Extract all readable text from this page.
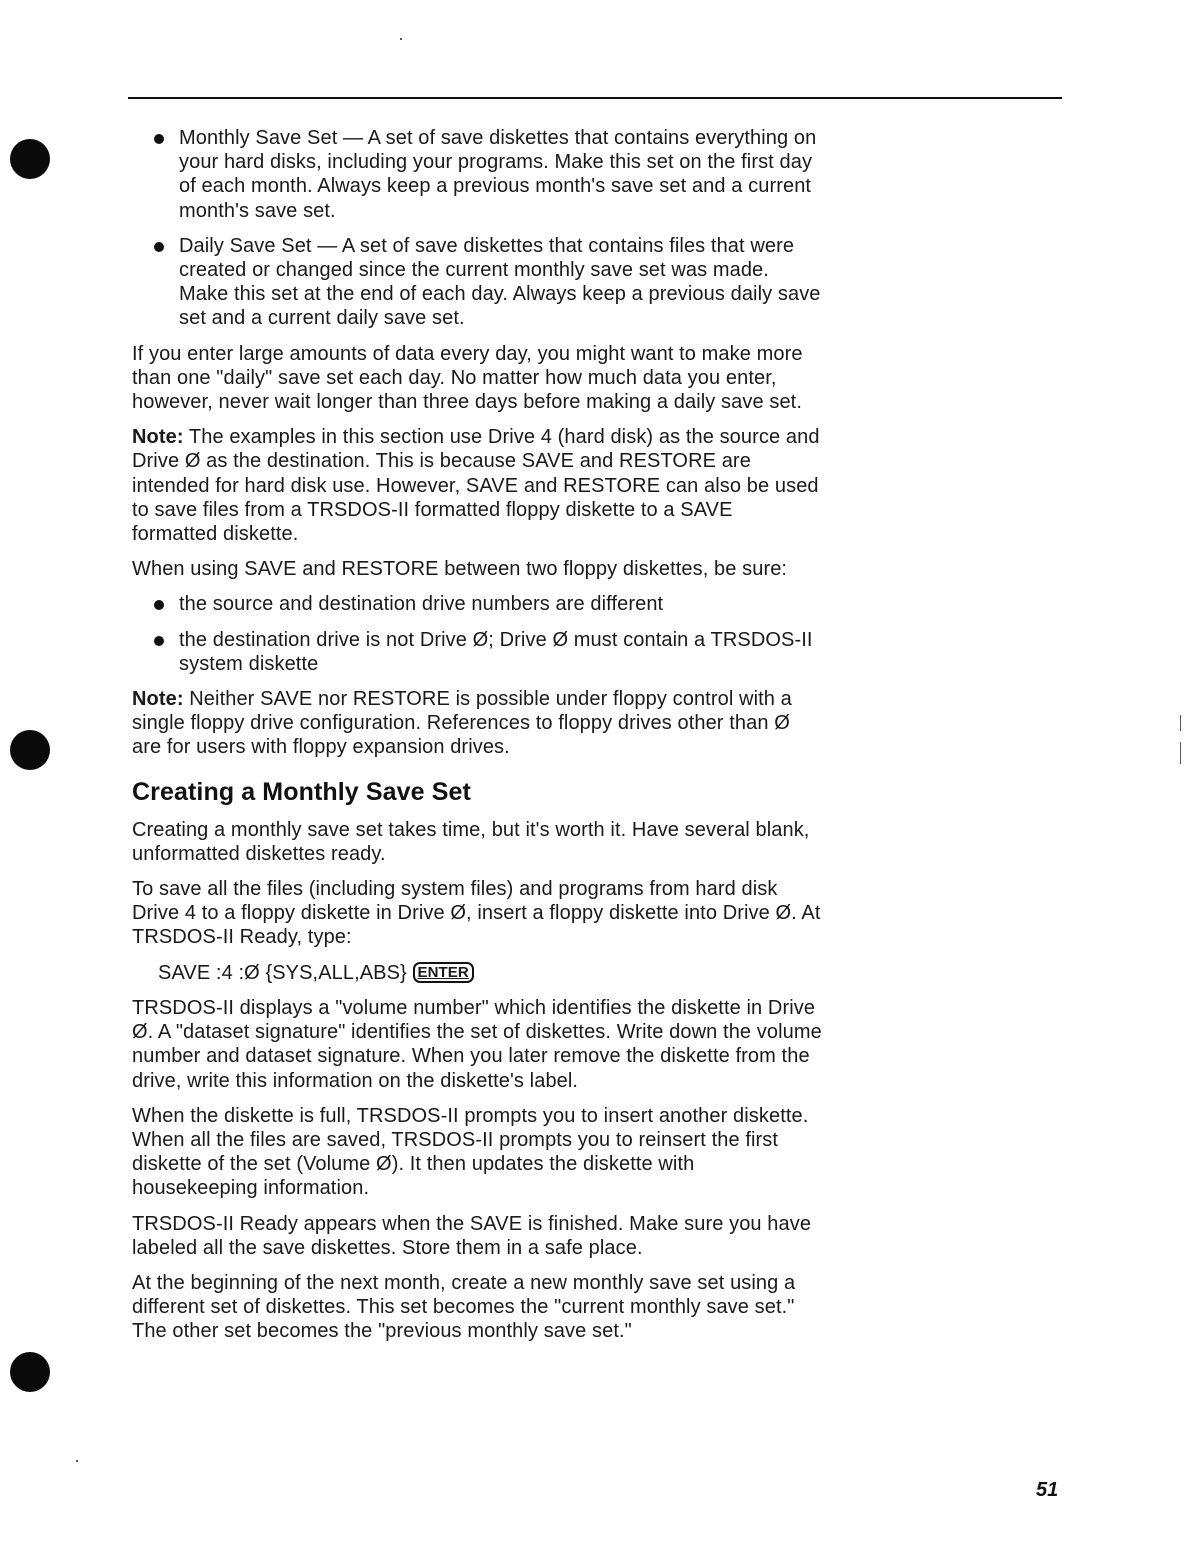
Monthly Save Set — A set of save diskettes that contains everything on your hard disks, including your programs. Make this set on the first day of each month. Always keep a previous month's save set and a current month's save set.
Daily Save Set — A set of save diskettes that contains files that were created or changed since the current monthly save set was made. Make this set at the end of each day. Always keep a previous daily save set and a current daily save set.

If you enter large amounts of data every day, you might want to make more than one "daily" save set each day. No matter how much data you enter, however, never wait longer than three days before making a daily save set.

Note: The examples in this section use Drive 4 (hard disk) as the source and Drive Ø as the destination. This is because SAVE and RESTORE are intended for hard disk use. However, SAVE and RESTORE can also be used to save files from a TRSDOS-II formatted floppy diskette to a SAVE formatted diskette.

When using SAVE and RESTORE between two floppy diskettes, be sure:

the source and destination drive numbers are different
the destination drive is not Drive Ø; Drive Ø must contain a TRSDOS-II system diskette

Note: Neither SAVE nor RESTORE is possible under floppy control with a single floppy drive configuration. References to floppy drives other than Ø are for users with floppy expansion drives.

Creating a Monthly Save Set

Creating a monthly save set takes time, but it's worth it. Have several blank, unformatted diskettes ready.

To save all the files (including system files) and programs from hard disk Drive 4 to a floppy diskette in Drive Ø, insert a floppy diskette into Drive Ø. At TRSDOS-II Ready, type:

SAVE :4 :Ø {SYS,ALL,ABS} ENTER

TRSDOS-II displays a "volume number" which identifies the diskette in Drive Ø. A "dataset signature" identifies the set of diskettes. Write down the volume number and dataset signature. When you later remove the diskette from the drive, write this information on the diskette's label.

When the diskette is full, TRSDOS-II prompts you to insert another diskette. When all the files are saved, TRSDOS-II prompts you to reinsert the first diskette of the set (Volume Ø). It then updates the diskette with housekeeping information.

TRSDOS-II Ready appears when the SAVE is finished. Make sure you have labeled all the save diskettes. Store them in a safe place.

At the beginning of the next month, create a new monthly save set using a different set of diskettes. This set becomes the "current monthly save set." The other set becomes the "previous monthly save set."

51
